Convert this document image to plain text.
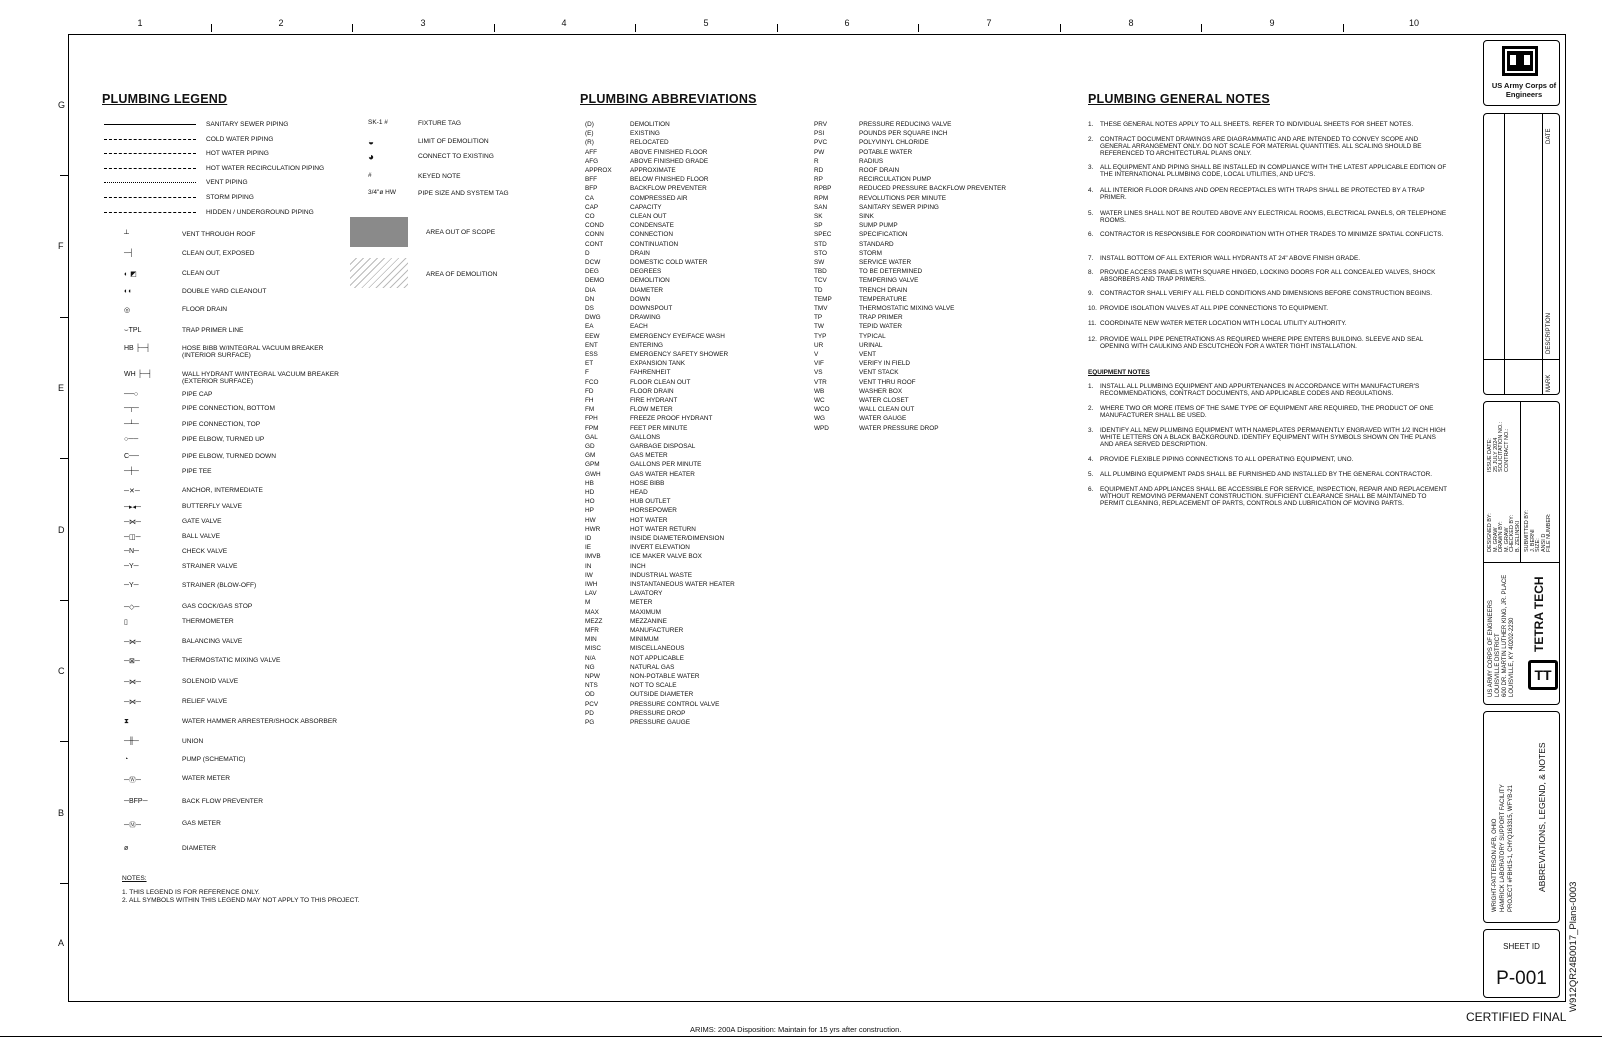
1	2	3	4	5	6	7	8	9	10
G
F
E
D
C
B
A
PLUMBING LEGEND
SANITARY SEWER PIPING
COLD WATER PIPING
HOT WATER PIPING
HOT WATER RECIRCULATION PIPING
VENT PIPING
STORM PIPING
HIDDEN / UNDERGROUND PIPING
SK-1 #	FIXTURE TAG
◒	LIMIT OF DEMOLITION
◕	CONNECT TO EXISTING
#	KEYED NOTE
3/4"ø HW	PIPE SIZE AND SYSTEM TAG
AREA OUT OF SCOPE
AREA OF DEMOLITION
┴	VENT THROUGH ROOF
─┤	CLEAN OUT, EXPOSED
◐ ◩	CLEAN OUT
◐◐	DOUBLE YARD CLEANOUT
◎	FLOOR DRAIN
⌣TPL	TRAP PRIMER LINE
HB ├─┤	HOSE BIBB W/INTEGRAL VACUUM BREAKER (INTERIOR SURFACE)
WH ├─┤	WALL HYDRANT W/INTEGRAL VACUUM BREAKER (EXTERIOR SURFACE)
──○	PIPE CAP
─┬─	PIPE CONNECTION, BOTTOM
─┴─	PIPE CONNECTION, TOP
○──	PIPE ELBOW, TURNED UP
C──	PIPE ELBOW, TURNED DOWN
─┼─	PIPE TEE
─✕─	ANCHOR, INTERMEDIATE
─▸◂─	BUTTERFLY VALVE
─⋈─	GATE VALVE
─◫─	BALL VALVE
─N─	CHECK VALVE
─Y─	STRAINER VALVE
─Y─	STRAINER (BLOW-OFF)
─◇─	GAS COCK/GAS STOP
▯	THERMOMETER
─⋈─	BALANCING VALVE
─⊠─	THERMOSTATIC MIXING VALVE
─⋈─	SOLENOID VALVE
─⋈─	RELIEF VALVE
⧗	WATER HAMMER ARRESTER/SHOCK ABSORBER
─╫─	UNION
◔	PUMP (SCHEMATIC)
─Ⓦ─	WATER METER
─BFP─	BACK FLOW PREVENTER
─Ⓜ─	GAS METER
ø	DIAMETER
NOTES:
1. THIS LEGEND IS FOR REFERENCE ONLY.
2. ALL SYMBOLS WITHIN THIS LEGEND MAY NOT APPLY TO THIS PROJECT.
PLUMBING ABBREVIATIONS
(D)	DEMOLITION
(E)	EXISTING
(R)	RELOCATED
AFF	ABOVE FINISHED FLOOR
AFG	ABOVE FINISHED GRADE
APPROX	APPROXIMATE
BFF	BELOW FINISHED FLOOR
BFP	BACKFLOW PREVENTER
CA	COMPRESSED AIR
CAP	CAPACITY
CO	CLEAN OUT
COND	CONDENSATE
CONN	CONNECTION
CONT	CONTINUATION
D	DRAIN
DCW	DOMESTIC COLD WATER
DEG	DEGREES
DEMO	DEMOLITION
DIA	DIAMETER
DN	DOWN
DS	DOWNSPOUT
DWG	DRAWING
EA	EACH
EEW	EMERGENCY EYE/FACE WASH
ENT	ENTERING
ESS	EMERGENCY SAFETY SHOWER
ET	EXPANSION TANK
F	FAHRENHEIT
FCO	FLOOR CLEAN OUT
FD	FLOOR DRAIN
FH	FIRE HYDRANT
FM	FLOW METER
FPH	FREEZE PROOF HYDRANT
FPM	FEET PER MINUTE
GAL	GALLONS
GD	GARBAGE DISPOSAL
GM	GAS METER
GPM	GALLONS PER MINUTE
GWH	GAS WATER HEATER
HB	HOSE BIBB
HD	HEAD
HO	HUB OUTLET
HP	HORSEPOWER
HW	HOT WATER
HWR	HOT WATER RETURN
ID	INSIDE DIAMETER/DIMENSION
IE	INVERT ELEVATION
IMVB	ICE MAKER VALVE BOX
IN	INCH
IW	INDUSTRIAL WASTE
IWH	INSTANTANEOUS WATER HEATER
LAV	LAVATORY
M	METER
MAX	MAXIMUM
MEZZ	MEZZANINE
MFR	MANUFACTURER
MIN	MINIMUM
MISC	MISCELLANEOUS
N/A	NOT APPLICABLE
NG	NATURAL GAS
NPW	NON-POTABLE WATER
NTS	NOT TO SCALE
OD	OUTSIDE DIAMETER
PCV	PRESSURE CONTROL VALVE
PD	PRESSURE DROP
PG	PRESSURE GAUGE
PRV	PRESSURE REDUCING VALVE
PSI	POUNDS PER SQUARE INCH
PVC	POLYVINYL CHLORIDE
PW	POTABLE WATER
R	RADIUS
RD	ROOF DRAIN
RP	RECIRCULATION PUMP
RPBP	REDUCED PRESSURE BACKFLOW PREVENTER
RPM	REVOLUTIONS PER MINUTE
SAN	SANITARY SEWER PIPING
SK	SINK
SP	SUMP PUMP
SPEC	SPECIFICATION
STD	STANDARD
STO	STORM
SW	SERVICE WATER
TBD	TO BE DETERMINED
TCV	TEMPERING VALVE
TD	TRENCH DRAIN
TEMP	TEMPERATURE
TMV	THERMOSTATIC MIXING VALVE
TP	TRAP PRIMER
TW	TEPID WATER
TYP	TYPICAL
UR	URINAL
V	VENT
VIF	VERIFY IN FIELD
VS	VENT STACK
VTR	VENT THRU ROOF
WB	WASHER BOX
WC	WATER CLOSET
WCO	WALL CLEAN OUT
WG	WATER GAUGE
WPD	WATER PRESSURE DROP
PLUMBING GENERAL NOTES
1. THESE GENERAL NOTES APPLY TO ALL SHEETS. REFER TO INDIVIDUAL SHEETS FOR SHEET NOTES.
2. CONTRACT DOCUMENT DRAWINGS ARE DIAGRAMMATIC AND ARE INTENDED TO CONVEY SCOPE AND GENERAL ARRANGEMENT ONLY. DO NOT SCALE FOR MATERIAL QUANTITIES. ALL SCALING SHOULD BE REFERENCED TO ARCHITECTURAL PLANS ONLY.
3. ALL EQUIPMENT AND PIPING SHALL BE INSTALLED IN COMPLIANCE WITH THE LATEST APPLICABLE EDITION OF THE INTERNATIONAL PLUMBING CODE, LOCAL UTILITIES, AND UFC'S.
4. ALL INTERIOR FLOOR DRAINS AND OPEN RECEPTACLES WITH TRAPS SHALL BE PROTECTED BY A TRAP PRIMER.
5. WATER LINES SHALL NOT BE ROUTED ABOVE ANY ELECTRICAL ROOMS, ELECTRICAL PANELS, OR TELEPHONE ROOMS.
6. CONTRACTOR IS RESPONSIBLE FOR COORDINATION WITH OTHER TRADES TO MINIMIZE SPATIAL CONFLICTS.
7. INSTALL BOTTOM OF ALL EXTERIOR WALL HYDRANTS AT 24" ABOVE FINISH GRADE.
8. PROVIDE ACCESS PANELS WITH SQUARE HINGED, LOCKING DOORS FOR ALL CONCEALED VALVES, SHOCK ABSORBERS AND TRAP PRIMERS.
9. CONTRACTOR SHALL VERIFY ALL FIELD CONDITIONS AND DIMENSIONS BEFORE CONSTRUCTION BEGINS.
10. PROVIDE ISOLATION VALVES AT ALL PIPE CONNECTIONS TO EQUIPMENT.
11. COORDINATE NEW WATER METER LOCATION WITH LOCAL UTILITY AUTHORITY.
12. PROVIDE WALL PIPE PENETRATIONS AS REQUIRED WHERE PIPE ENTERS BUILDING. SLEEVE AND SEAL OPENING WITH CAULKING AND ESCUTCHEON FOR A WATER TIGHT INSTALLATION.
EQUIPMENT NOTES
1. INSTALL ALL PLUMBING EQUIPMENT AND APPURTENANCES IN ACCORDANCE WITH MANUFACTURER'S RECOMMENDATIONS, CONTRACT DOCUMENTS, AND APPLICABLE CODES AND REGULATIONS.
2. WHERE TWO OR MORE ITEMS OF THE SAME TYPE OF EQUIPMENT ARE REQUIRED, THE PRODUCT OF ONE MANUFACTURER SHALL BE USED.
3. IDENTIFY ALL NEW PLUMBING EQUIPMENT WITH NAMEPLATES PERMANENTLY ENGRAVED WITH 1/2 INCH HIGH WHITE LETTERS ON A BLACK BACKGROUND. IDENTIFY EQUIPMENT WITH SYMBOLS SHOWN ON THE PLANS AND AREA SERVED DESCRIPTION.
4. PROVIDE FLEXIBLE PIPING CONNECTIONS TO ALL OPERATING EQUIPMENT, UNO.
5. ALL PLUMBING EQUIPMENT PADS SHALL BE FURNISHED AND INSTALLED BY THE GENERAL CONTRACTOR.
6. EQUIPMENT AND APPLIANCES SHALL BE ACCESSIBLE FOR SERVICE, INSPECTION, REPAIR AND REPLACEMENT WITHOUT REMOVING PERMANENT CONSTRUCTION. SUFFICIENT CLEARANCE SHALL BE MAINTAINED TO PERMIT CLEANING, REPLACEMENT OF PARTS, CONTROLS AND LUBRICATION OF MOVING PARTS.
US Army Corps of Engineers
DATE
DESCRIPTION
MARK
DESIGNED BY: M. GRAW DRAWN BY: M. GRAW CHECKED BY: B. ZELINSKI
ISSUE DATE: 25 JULY 2024 SOLICITATION NO.: CONTRACT NO.:
SUBMITTED BY: J. BERNI SIZE: ANSI D FILE NUMBER:
US ARMY CORPS OF ENGINEERS LOUISVILLE DISTRICT 600 DR. MARTIN LUTHER KING, JR. PLACE LOUISVILLE, KY 40202-2230	TT
TETRA TECH
WRIGHT-PATTERSON AFB, OHIO HAMRICK LABORATORY SUPPORT FACILITY PROJECT #FBH15-1, CHYQ163315, WFYB-21	ABBREVIATIONS, LEGEND, & NOTES
SHEET ID
P-001	W912QR24B0017_Plans-0003
CERTIFIED FINAL
ARIMS: 200A Disposition: Maintain for 15 yrs after construction.
